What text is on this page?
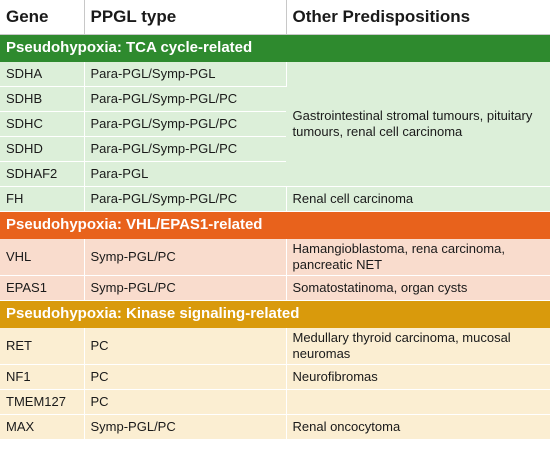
Gene	PPGL type	Other Predispositions
Pseudohypoxia: TCA cycle-related		
SDHA	Para-PGL/Symp-PGL	Gastrointestinal stromal tumours, pituitary tumours, renal cell carcinoma
SDHB	Para-PGL/Symp-PGL/PC	
SDHC	Para-PGL/Symp-PGL/PC	
SDHD	Para-PGL/Symp-PGL/PC	
SDHAF2	Para-PGL	
FH	Para-PGL/Symp-PGL/PC	Renal cell carcinoma
Pseudohypoxia: VHL/EPAS1-related		
VHL	Symp-PGL/PC	Hamangioblastoma, rena carcinoma, pancreatic NET
EPAS1	Symp-PGL/PC	Somatostatinoma, organ cysts
Pseudohypoxia: Kinase signaling-related		
RET	PC	Medullary thyroid carcinoma, mucosal neuromas
NF1	PC	Neurofibromas
TMEM127	PC	
MAX	Symp-PGL/PC	Renal oncocytoma
